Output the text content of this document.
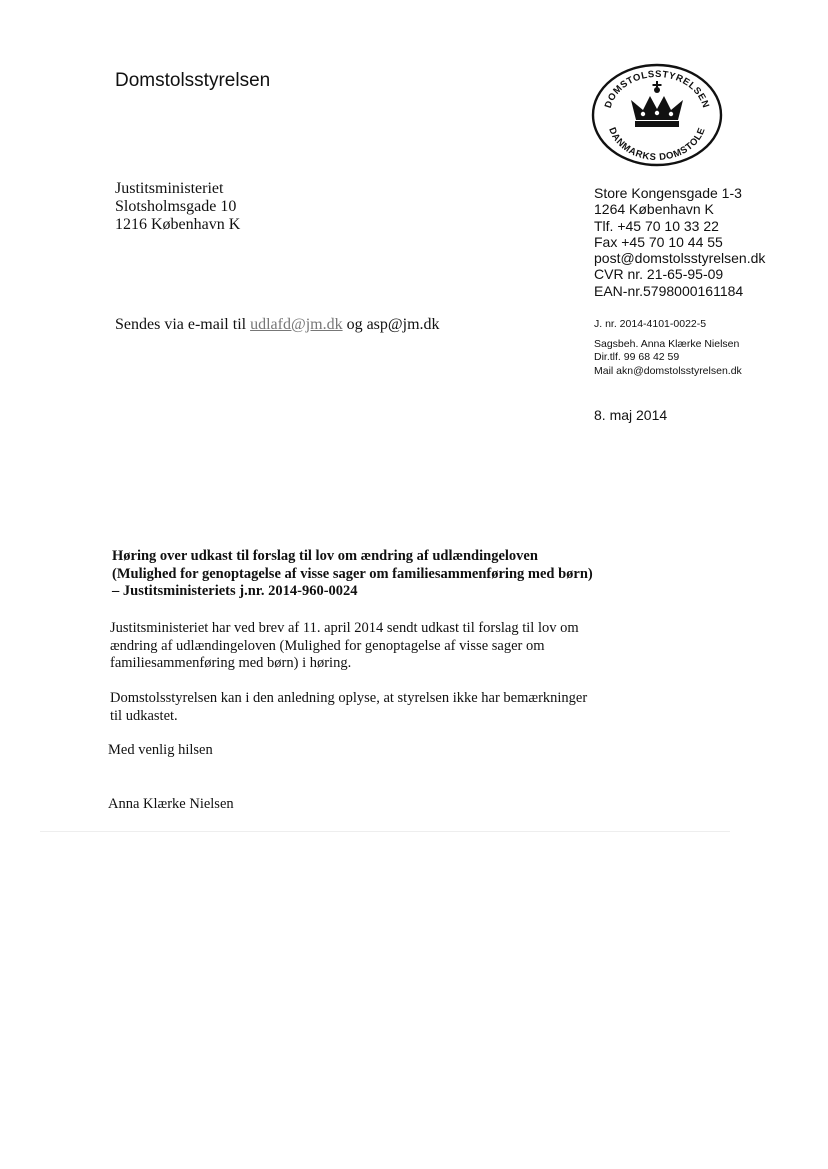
Domstolsstyrelsen
DOMSTOLSSTYRELSEN
DANMARKS DOMSTOLE
Justitsministeriet
Slotsholmsgade 10
1216 København K
Store Kongensgade 1-3
1264 København K
Tlf. +45 70 10 33 22
Fax +45 70 10 44 55
post@domstolsstyrelsen.dk
CVR nr. 21-65-95-09
EAN-nr.5798000161184
Sendes via e-mail til udlafd@jm.dk og asp@jm.dk	J. nr. 2014-4101-0022-5
Sagsbeh. Anna Klærke Nielsen
Dir.tlf. 99 68 42 59
Mail akn@domstolsstyrelsen.dk
8. maj 2014
Høring over udkast til forslag til lov om ændring af udlændingeloven (Mulighed for genoptagelse af visse sager om familiesammenføring med børn) – Justitsministeriets j.nr. 2014-960-0024
Justitsministeriet har ved brev af 11. april 2014 sendt udkast til forslag til lov om ændring af udlændingeloven (Mulighed for genoptagelse af visse sager om familiesammenføring med børn) i høring.
Domstolsstyrelsen kan i den anledning oplyse, at styrelsen ikke har bemærkninger til udkastet.
Med venlig hilsen
Anna Klærke Nielsen
